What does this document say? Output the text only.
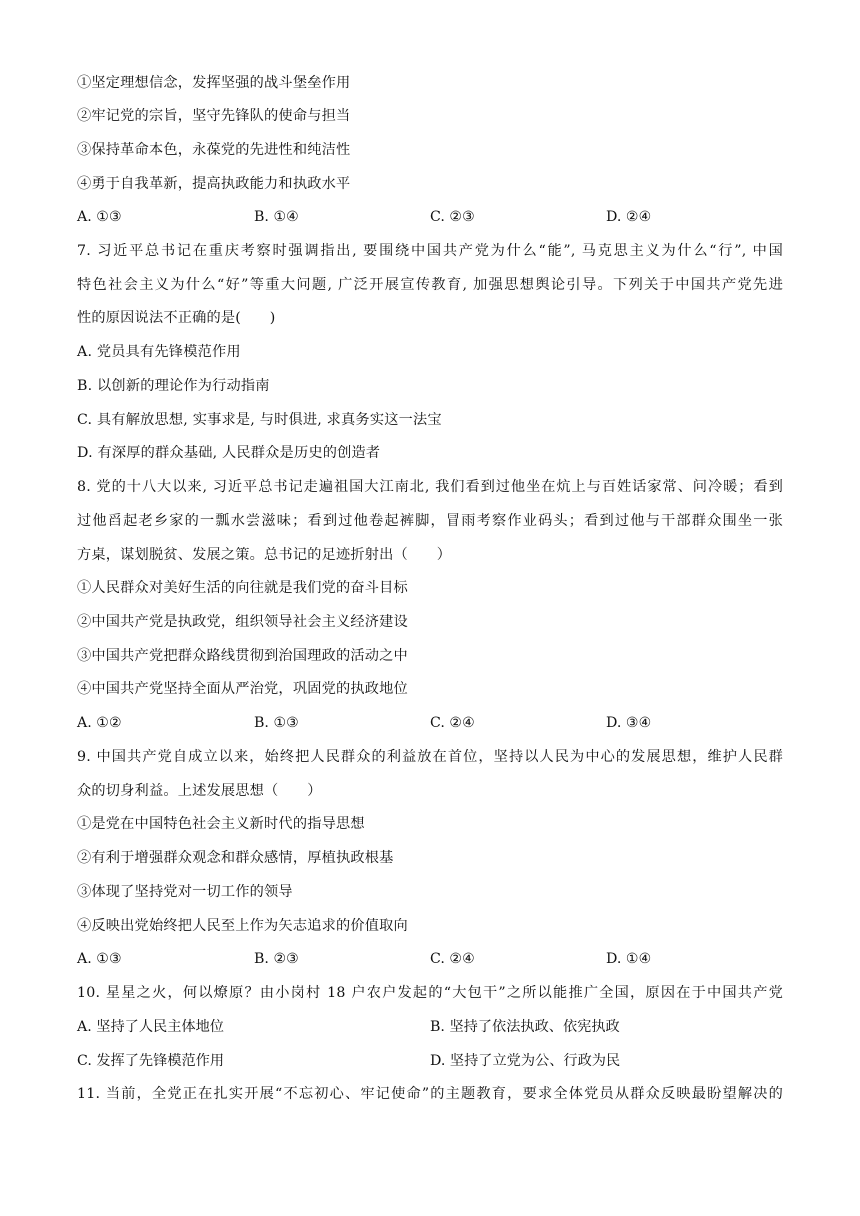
①坚定理想信念，发挥坚强的战斗堡垒作用
②牢记党的宗旨，坚守先锋队的使命与担当
③保持革命本色，永葆党的先进性和纯洁性
④勇于自我革新，提高执政能力和执政水平
A. ①③	B. ①④	C. ②③	D. ②④
7. 习近平总书记在重庆考察时强调指出, 要围绕中国共产党为什么“能”, 马克思主义为什么“行”, 中国
特色社会主义为什么“好”等重大问题, 广泛开展宣传教育, 加强思想舆论引导。下列关于中国共产党先进
性的原因说法不正确的是(　　)
A. 党员具有先锋模范作用
B. 以创新的理论作为行动指南
C. 具有解放思想, 实事求是, 与时俱进, 求真务实这一法宝
D. 有深厚的群众基础, 人民群众是历史的创造者
8. 党的十八大以来, 习近平总书记走遍祖国大江南北, 我们看到过他坐在炕上与百姓话家常、问冷暖；看到
过他舀起老乡家的一瓢水尝滋味；看到过他卷起裤脚，冒雨考察作业码头；看到过他与干部群众围坐一张
方桌，谋划脱贫、发展之策。总书记的足迹折射出（　　）
①人民群众对美好生活的向往就是我们党的奋斗目标
②中国共产党是执政党，组织领导社会主义经济建设
③中国共产党把群众路线贯彻到治国理政的活动之中
④中国共产党坚持全面从严治党，巩固党的执政地位
A. ①②	B. ①③	C. ②④	D. ③④
9. 中国共产党自成立以来，始终把人民群众的利益放在首位，坚持以人民为中心的发展思想，维护人民群
众的切身利益。上述发展思想（　　）
①是党在中国特色社会主义新时代的指导思想
②有利于增强群众观念和群众感情，厚植执政根基
③体现了坚持党对一切工作的领导
④反映出党始终把人民至上作为矢志追求的价值取向
A. ①③	B. ②③	C. ②④	D. ①④
10. 星星之火，何以燎原？由小岗村 18 户农户发起的“大包干”之所以能推广全国，原因在于中国共产党
A. 坚持了人民主体地位	B. 坚持了依法执政、依宪执政
C. 发挥了先锋模范作用	D. 坚持了立党为公、行政为民
11. 当前，全党正在扎实开展“不忘初心、牢记使命”的主题教育，要求全体党员从群众反映最盼望解决的
